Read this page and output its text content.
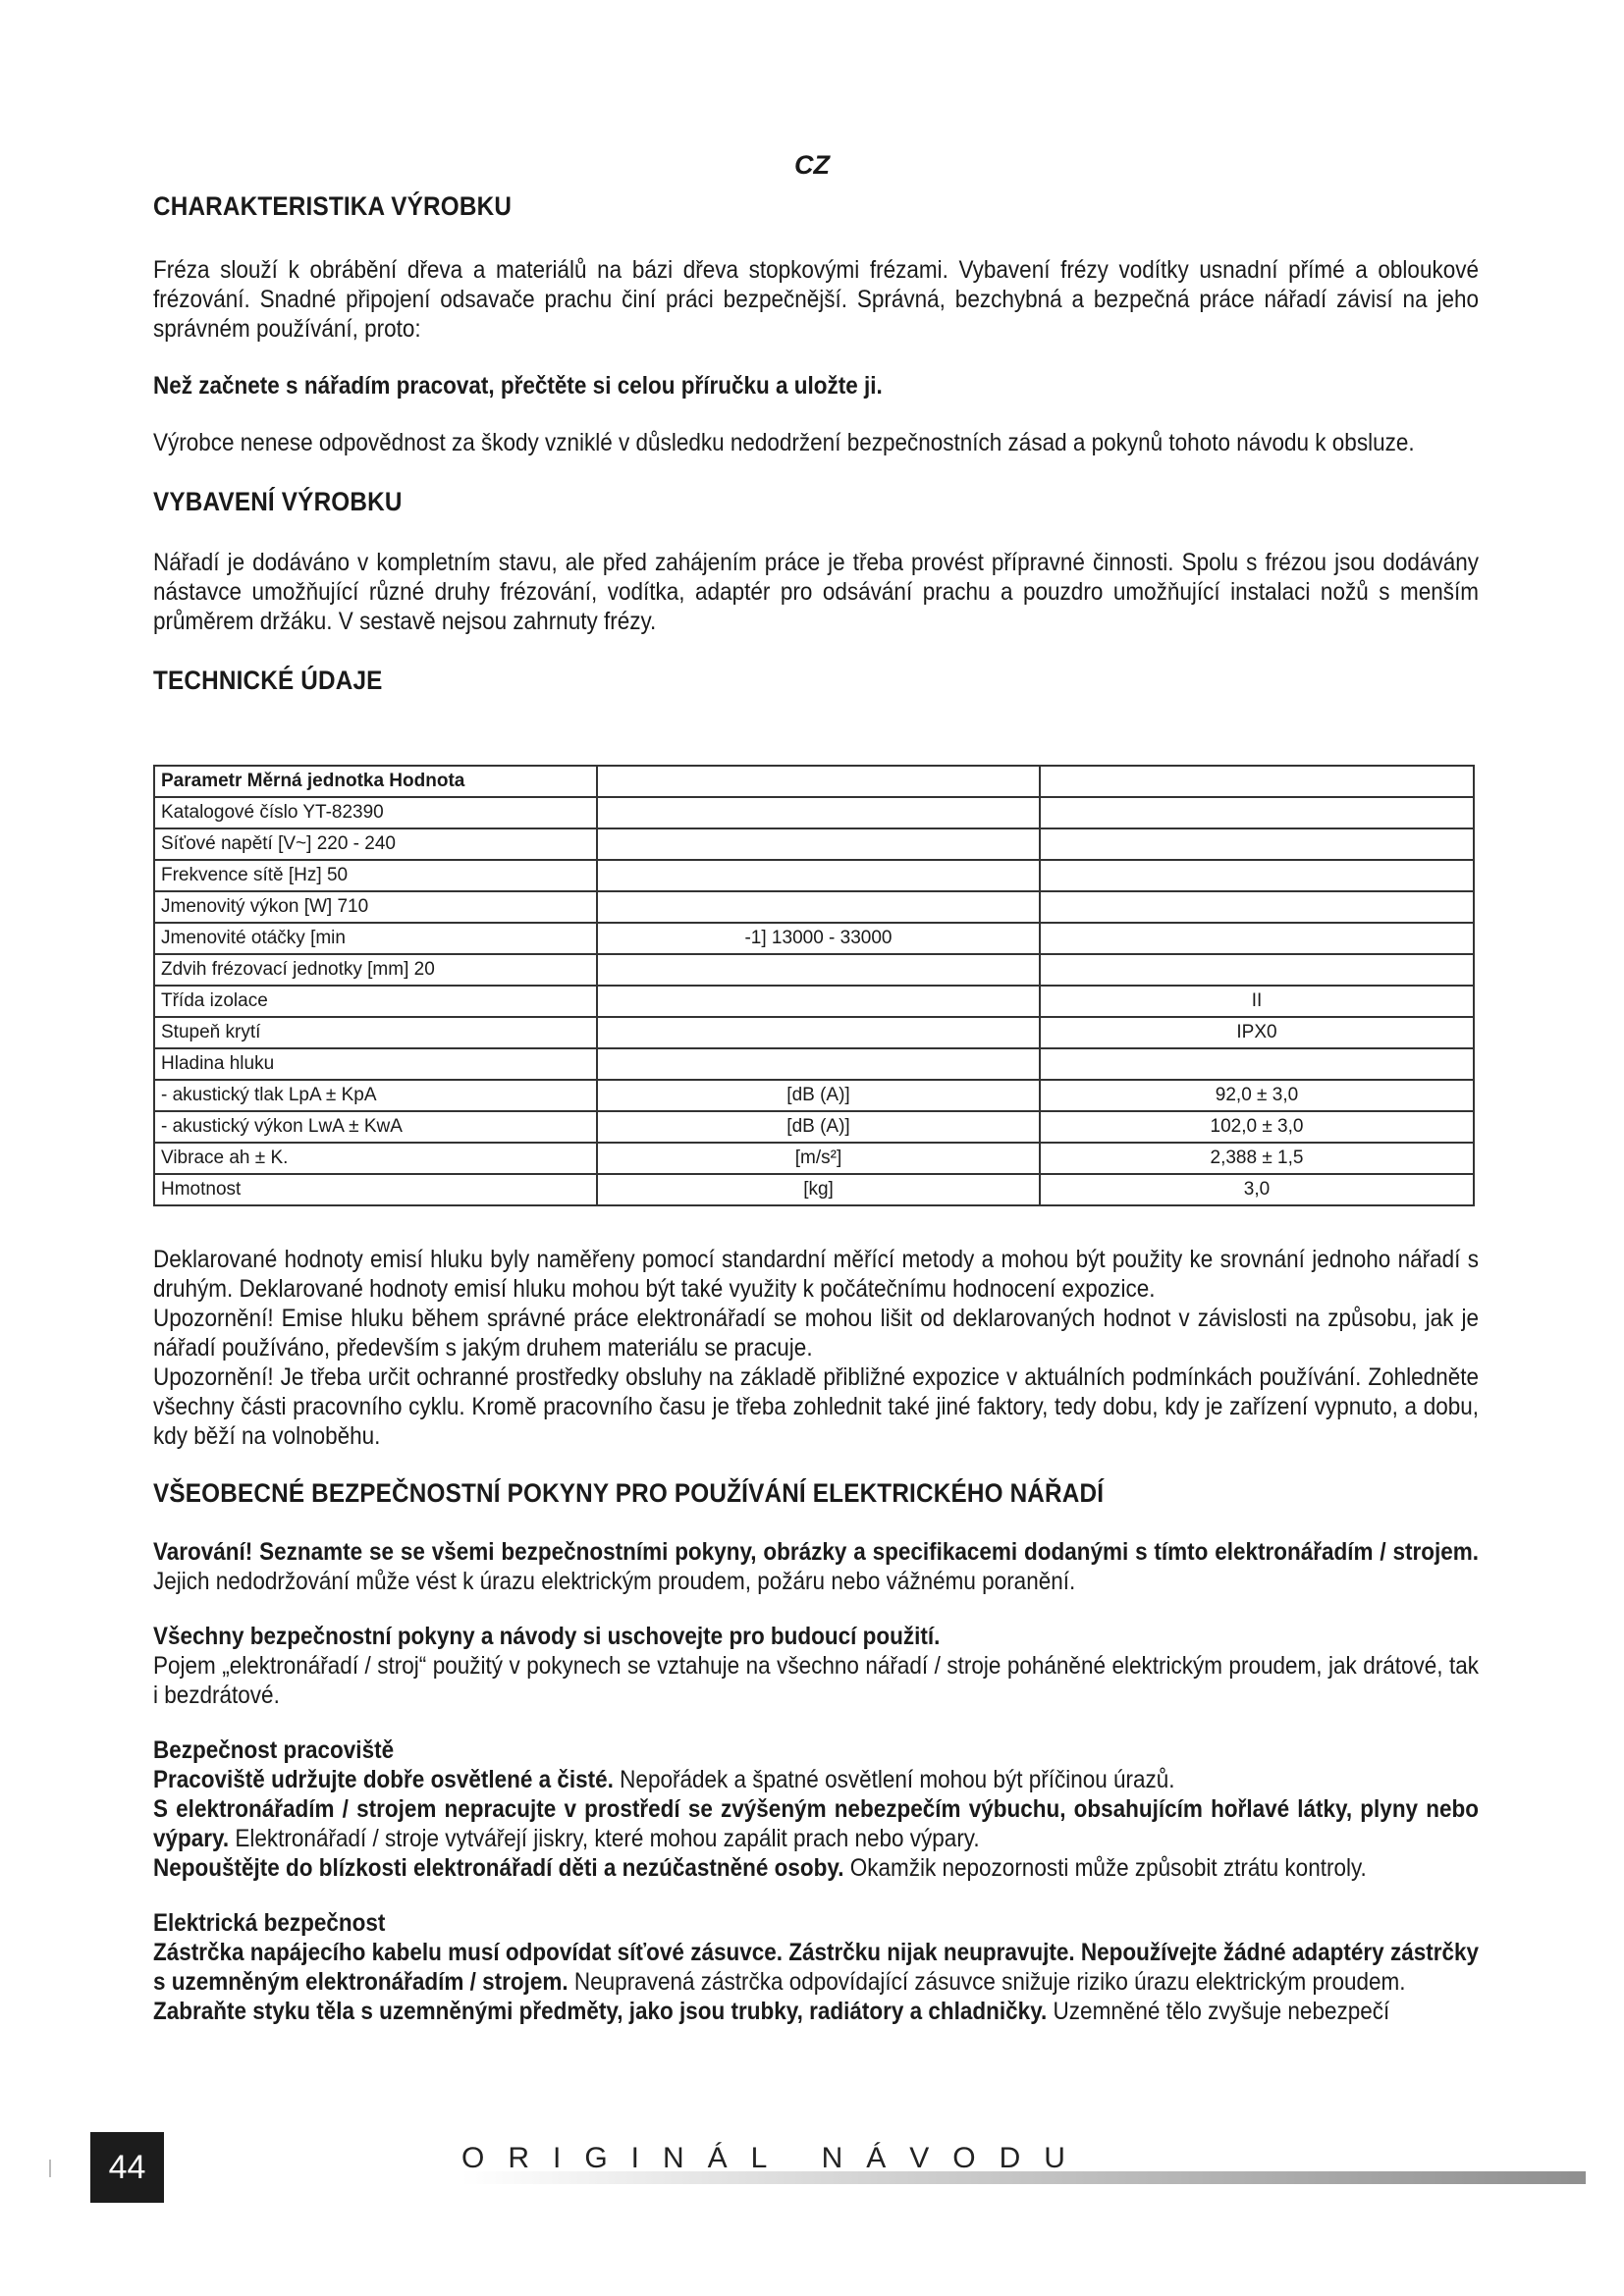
CZ
CHARAKTERISTIKA VÝROBKU

Fréza slouží k obrábění dřeva a materiálů na bázi dřeva stopkovými frézami. Vybavení frézy vodítky usnadní přímé a obloukové frézování. Snadné připojení odsavače prachu činí práci bezpečnější. Správná, bezchybná a bezpečná práce nářadí závisí na jeho správném používání, proto:

Než začnete s nářadím pracovat, přečtěte si celou příručku a uložte ji.

Výrobce nenese odpovědnost za škody vzniklé v důsledku nedodržení bezpečnostních zásad a pokynů tohoto návodu k obsluze.

VYBAVENÍ VÝROBKU

Nářadí je dodáváno v kompletním stavu, ale před zahájením práce je třeba provést přípravné činnosti. Spolu s frézou jsou dodávány nástavce umožňující různé druhy frézování, vodítka, adaptér pro odsávání prachu a pouzdro umožňující instalaci nožů s menším průměrem držáku. V sestavě nejsou zahrnuty frézy.

TECHNICKÉ ÚDAJE
Parametr Měrná jednotka Hodnota		
Katalogové číslo YT-82390		
Síťové napětí [V~] 220 - 240		
Frekvence sítě [Hz] 50		
Jmenovitý výkon [W] 710		
Jmenovité otáčky [min	-1] 13000 - 33000	
Zdvih frézovací jednotky [mm] 20		
Třída izolace		II
Stupeň krytí		IPX0
Hladina hluku		
- akustický tlak LpA ± KpA	[dB (A)]	92,0 ± 3,0
- akustický výkon LwA ± KwA	[dB (A)]	102,0 ± 3,0
Vibrace ah ± K.	[m/s²]	2,388 ± 1,5
Hmotnost	[kg]	3,0

Deklarované hodnoty emisí hluku byly naměřeny pomocí standardní měřící metody a mohou být použity ke srovnání jednoho nářadí s druhým. Deklarované hodnoty emisí hluku mohou být také využity k počátečnímu hodnocení expozice.

Upozornění! Emise hluku během správné práce elektronářadí se mohou lišit od deklarovaných hodnot v závislosti na způsobu, jak je nářadí používáno, především s jakým druhem materiálu se pracuje.

Upozornění! Je třeba určit ochranné prostředky obsluhy na základě přibližné expozice v aktuálních podmínkách používání. Zohledněte všechny části pracovního cyklu. Kromě pracovního času je třeba zohlednit také jiné faktory, tedy dobu, kdy je zařízení vypnuto, a dobu, kdy běží na volnoběhu.

VŠEOBECNÉ BEZPEČNOSTNÍ POKYNY PRO POUŽÍVÁNÍ ELEKTRICKÉHO NÁŘADÍ

Varování! Seznamte se se všemi bezpečnostními pokyny, obrázky a specifikacemi dodanými s tímto elektronářadím / strojem. Jejich nedodržování může vést k úrazu elektrickým proudem, požáru nebo vážnému poranění.

Všechny bezpečnostní pokyny a návody si uschovejte pro budoucí použití.

Pojem „elektronářadí / stroj“ použitý v pokynech se vztahuje na všechno nářadí / stroje poháněné elektrickým proudem, jak drátové, tak i bezdrátové.

Bezpečnost pracoviště

Pracoviště udržujte dobře osvětlené a čisté. Nepořádek a špatné osvětlení mohou být příčinou úrazů.

S elektronářadím / strojem nepracujte v prostředí se zvýšeným nebezpečím výbuchu, obsahujícím hořlavé látky, plyny nebo výpary. Elektronářadí / stroje vytvářejí jiskry, které mohou zapálit prach nebo výpary.

Nepouštějte do blízkosti elektronářadí děti a nezúčastněné osoby. Okamžik nepozornosti může způsobit ztrátu kontroly.

Elektrická bezpečnost

Zástrčka napájecího kabelu musí odpovídat síťové zásuvce. Zástrčku nijak neupravujte. Nepoužívejte žádné adaptéry zástrčky s uzemněným elektronářadím / strojem. Neupravená zástrčka odpovídající zásuvce snižuje riziko úrazu elektrickým proudem.

Zabraňte styku těla s uzemněnými předměty, jako jsou trubky, radiátory a chladničky. Uzemněné tělo zvyšuje nebezpečí

44	ORIGINÁL NÁVODU
